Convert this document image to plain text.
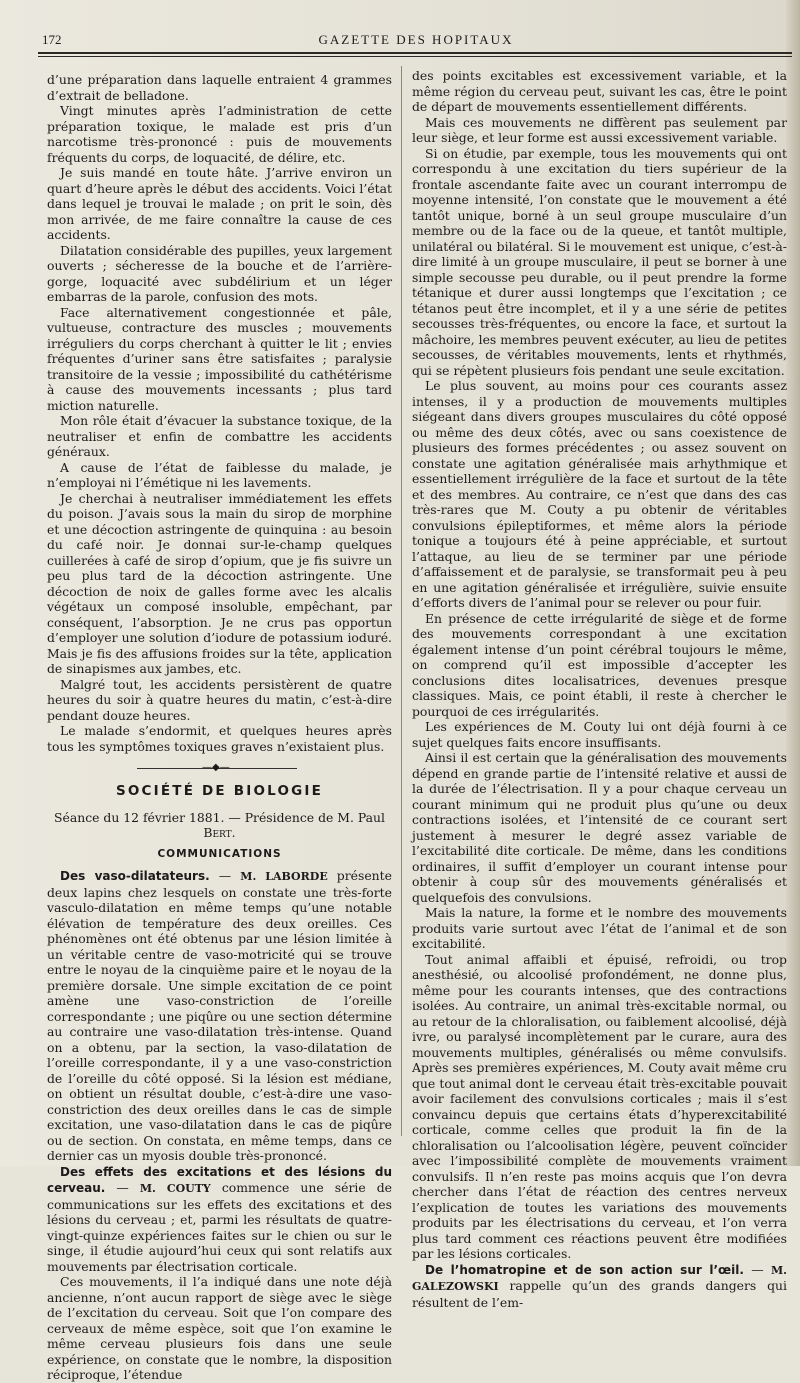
172	GAZETTE DES HOPITAUX

d’une préparation dans laquelle entraient 4 grammes d’extrait de belladone.

Vingt minutes après l’administration de cette préparation toxique, le malade est pris d’un narcotisme très-prononcé : puis de mouvements fréquents du corps, de loquacité, de délire, etc.

Je suis mandé en toute hâte. J’arrive environ un quart d’heure après le début des accidents. Voici l’état dans lequel je trouvai le malade ; on prit le soin, dès mon arrivée, de me faire connaître la cause de ces accidents.

Dilatation considérable des pupilles, yeux largement ouverts ; sécheresse de la bouche et de l’arrière-gorge, loquacité avec subdélirium et un léger embarras de la parole, confusion des mots.

Face alternativement congestionnée et pâle, vultueuse, contracture des muscles ; mouvements irréguliers du corps cherchant à quitter le lit ; envies fréquentes d’uriner sans être satisfaites ; paralysie transitoire de la vessie ; impossibilité du cathétérisme à cause des mouvements incessants ; plus tard miction naturelle.

Mon rôle était d’évacuer la substance toxique, de la neutraliser et enfin de combattre les accidents généraux.

A cause de l’état de faiblesse du malade, je n’employai ni l’émétique ni les lavements.

Je cherchai à neutraliser immédiatement les effets du poison. J’avais sous la main du sirop de morphine et une décoction astringente de quinquina : au besoin du café noir. Je donnai sur-le-champ quelques cuillerées à café de sirop d’opium, que je fis suivre un peu plus tard de la décoction astringente. Une décoction de noix de galles forme avec les alcalis végétaux un composé insoluble, empêchant, par conséquent, l’absorption. Je ne crus pas opportun d’employer une solution d’iodure de potassium ioduré. Mais je fis des affusions froides sur la tête, application de sinapismes aux jambes, etc.

Malgré tout, les accidents persistèrent de quatre heures du soir à quatre heures du matin, c’est-à-dire pendant douze heures.

Le malade s’endormit, et quelques heures après tous les symptômes toxiques graves n’existaient plus.

—◆—
SOCIÉTÉ DE BIOLOGIE
Séance du 12 février 1881. — Présidence de M. Paul Bert.
COMMUNICATIONS

Des vaso-dilatateurs. — M. LABORDE présente deux lapins chez lesquels on constate une très-forte vasculo-dilatation en même temps qu’une notable élévation de température des deux oreilles. Ces phénomènes ont été obtenus par une lésion limitée à un véritable centre de vaso-motricité qui se trouve entre le noyau de la cinquième paire et le noyau de la première dorsale. Une simple excitation de ce point amène une vaso-constriction de l’oreille correspondante ; une piqûre ou une section détermine au contraire une vaso-dilatation très-intense. Quand on a obtenu, par la section, la vaso-dilatation de l’oreille correspondante, il y a une vaso-constriction de l’oreille du côté opposé. Si la lésion est médiane, on obtient un résultat double, c’est-à-dire une vaso-constriction des deux oreilles dans le cas de simple excitation, une vaso-dilatation dans le cas de piqûre ou de section. On constata, en même temps, dans ce dernier cas un myosis double très-prononcé.

Des effets des excitations et des lésions du cerveau. — M. COUTY commence une série de communications sur les effets des excitations et des lésions du cerveau ; et, parmi les résultats de quatre-vingt-quinze expériences faites sur le chien ou sur le singe, il étudie aujourd’hui ceux qui sont relatifs aux mouvements par électrisation corticale.

Ces mouvements, il l’a indiqué dans une note déjà ancienne, n’ont aucun rapport de siège avec le siège de l’excitation du cerveau. Soit que l’on compare des cerveaux de même espèce, soit que l’on examine le même cerveau plusieurs fois dans une seule expérience, on constate que le nombre, la disposition réciproque, l’étendue

des points excitables est excessivement variable, et la même région du cerveau peut, suivant les cas, être le point de départ de mouvements essentiellement différents.

Mais ces mouvements ne diffèrent pas seulement par leur siège, et leur forme est aussi excessivement variable.

Si on étudie, par exemple, tous les mouvements qui ont correspondu à une excitation du tiers supérieur de la frontale ascendante faite avec un courant interrompu de moyenne intensité, l’on constate que le mouvement a été tantôt unique, borné à un seul groupe musculaire d’un membre ou de la face ou de la queue, et tantôt multiple, unilatéral ou bilatéral. Si le mouvement est unique, c’est-à-dire limité à un groupe musculaire, il peut se borner à une simple secousse peu durable, ou il peut prendre la forme tétanique et durer aussi longtemps que l’excitation ; ce tétanos peut être incomplet, et il y a une série de petites secousses très-fréquentes, ou encore la face, et surtout la mâchoire, les membres peuvent exécuter, au lieu de petites secousses, de véritables mouvements, lents et rhythmés, qui se répètent plusieurs fois pendant une seule excitation.

Le plus souvent, au moins pour ces courants assez intenses, il y a production de mouvements multiples siégeant dans divers groupes musculaires du côté opposé ou même des deux côtés, avec ou sans coexistence de plusieurs des formes précédentes ; ou assez souvent on constate une agitation généralisée mais arhythmique et essentiellement irrégulière de la face et surtout de la tête et des membres. Au contraire, ce n’est que dans des cas très-rares que M. Couty a pu obtenir de véritables convulsions épileptiformes, et même alors la période tonique a toujours été à peine appréciable, et surtout l’attaque, au lieu de se terminer par une période d’affaissement et de paralysie, se transformait peu à peu en une agitation généralisée et irrégulière, suivie ensuite d’efforts divers de l’animal pour se relever ou pour fuir.

En présence de cette irrégularité de siège et de forme des mouvements correspondant à une excitation également intense d’un point cérébral toujours le même, on comprend qu’il est impossible d’accepter les conclusions dites localisatrices, devenues presque classiques. Mais, ce point établi, il reste à chercher le pourquoi de ces irrégularités.

Les expériences de M. Couty lui ont déjà fourni à ce sujet quelques faits encore insuffisants.

Ainsi il est certain que la généralisation des mouvements dépend en grande partie de l’intensité relative et aussi de la durée de l’électrisation. Il y a pour chaque cerveau un courant minimum qui ne produit plus qu’une ou deux contractions isolées, et l’intensité de ce courant sert justement à mesurer le degré assez variable de l’excitabilité dite corticale. De même, dans les conditions ordinaires, il suffit d’employer un courant intense pour obtenir à coup sûr des mouvements généralisés et quelquefois des convulsions.

Mais la nature, la forme et le nombre des mouvements produits varie surtout avec l’état de l’animal et de son excitabilité.

Tout animal affaibli et épuisé, refroidi, ou trop anesthésié, ou alcoolisé profondément, ne donne plus, même pour les courants intenses, que des contractions isolées. Au contraire, un animal très-excitable normal, ou au retour de la chloralisation, ou faiblement alcoolisé, déjà ivre, ou paralysé incomplètement par le curare, aura des mouvements multiples, généralisés ou même convulsifs. Après ses premières expériences, M. Couty avait même cru que tout animal dont le cerveau était très-excitable pouvait avoir facilement des convulsions corticales ; mais il s’est convaincu depuis que certains états d’hyperexcitabilité corticale, comme celles que produit la fin de la chloralisation ou l’alcoolisation légère, peuvent coïncider avec l’impossibilité complète de mouvements vraiment convulsifs. Il n’en reste pas moins acquis que l’on devra chercher dans l’état de réaction des centres nerveux l’explication de toutes les variations des mouvements produits par les électrisations du cerveau, et l’on verra plus tard comment ces réactions peuvent être modifiées par les lésions corticales.

De l’homatropine et de son action sur l’œil. — M. GALEZOWSKI rappelle qu’un des grands dangers qui résultent de l’em-
